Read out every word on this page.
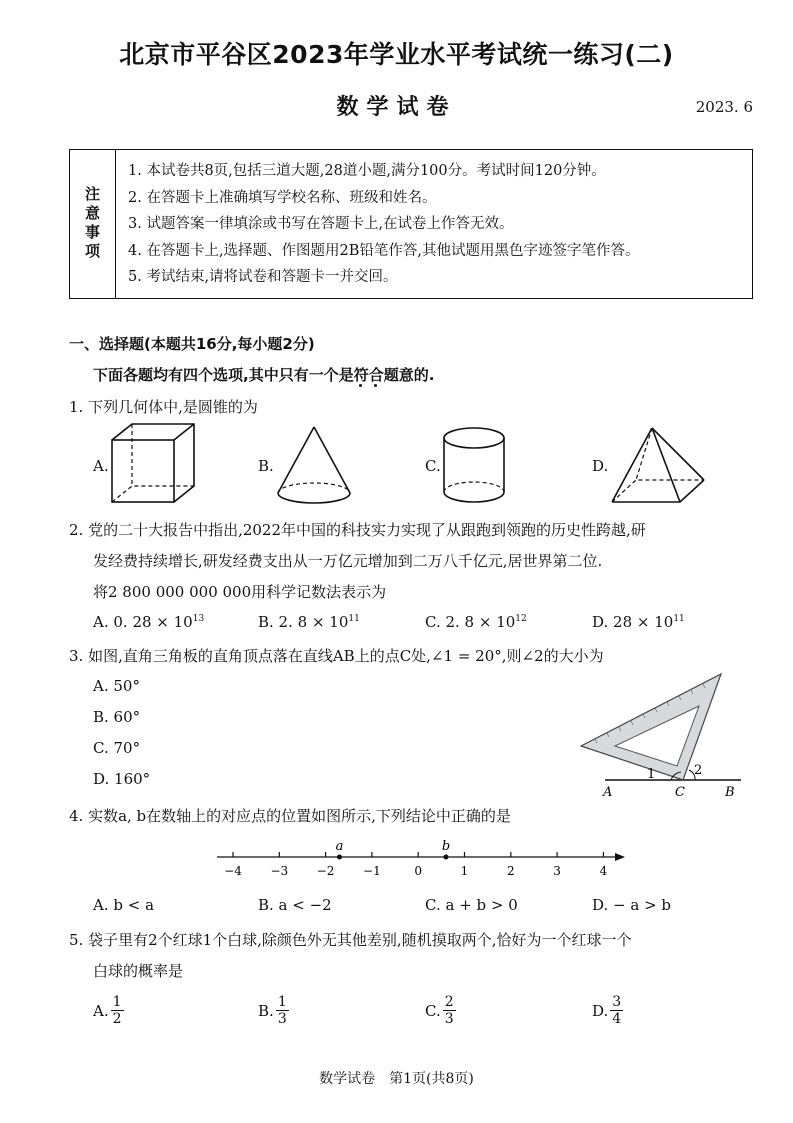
北京市平谷区2023年学业水平考试统一练习(二)
数学试卷	2023. 6
注意事项
1. 本试卷共8页,包括三道大题,28道小题,满分100分。考试时间120分钟。
2. 在答题卡上准确填写学校名称、班级和姓名。
3. 试题答案一律填涂或书写在答题卡上,在试卷上作答无效。
4. 在答题卡上,选择题、作图题用2B铅笔作答,其他试题用黑色字迹签字笔作答。
5. 考试结束,请将试卷和答题卡一并交回。
一、选择题(本题共16分,每小题2分)
下面各题均有四个选项,其中只有一个是符合题意的.
1. 下列几何体中,是圆锥的为
A.	B.	C.	D.
2. 党的二十大报告中指出,2022年中国的科技实力实现了从跟跑到领跑的历史性跨越,研
发经费持续增长,研发经费支出从一万亿元增加到二万八千亿元,居世界第二位.
将2 800 000 000 000用科学记数法表示为
A. 0. $28 \times 10^{13}$	B. 2. $8 \times 10^{11}$	C. 2. $8 \times 10^{12}$	D. $28 \times 10^{11}$
3. 如图,直角三角板的直角顶点落在直线AB上的点C处,∠1 = 20°,则∠2的大小为
A. 50°
B. 60°
C. 70°
D. 160°	1	2
A	C	B
4. 实数a, b在数轴上的对应点的位置如图所示,下列结论中正确的是
−4 −3 −2 −1	0	1	2	3	4
a	b
A. b < a	B. a < −2	C. a + b > 0	D. − a > b
5. 袋子里有2个红球1个白球,除颜色外无其他差别,随机摸取两个,恰好为一个红球一个
白球的概率是
A. 1
2	B. 1
3	C. 2
3	D. 3
4
数学试卷　第1页(共8页)
